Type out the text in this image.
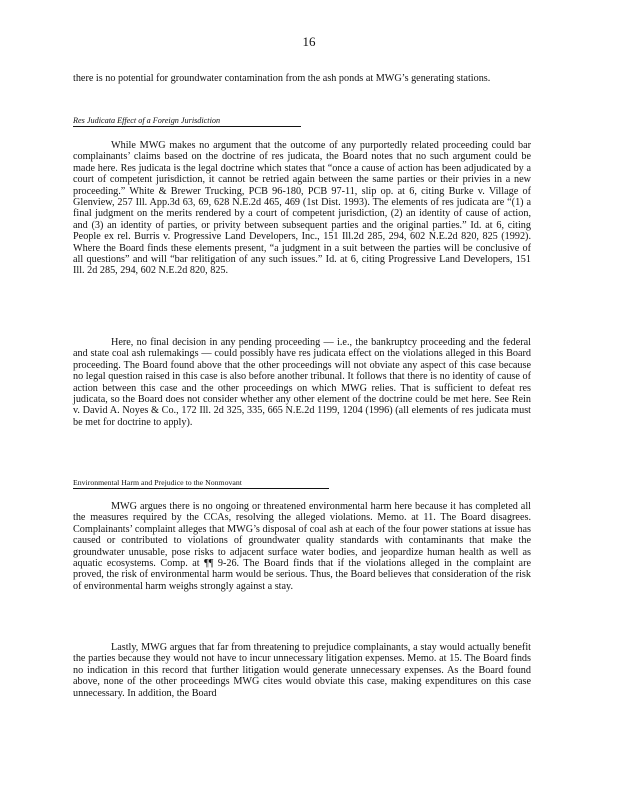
16

there is no potential for groundwater contamination from the ash ponds at MWG’s generating stations.

Res Judicata Effect of a Foreign Jurisdiction

While MWG makes no argument that the outcome of any purportedly related proceeding could bar complainants’ claims based on the doctrine of res judicata, the Board notes that no such argument could be made here. Res judicata is the legal doctrine which states that “once a cause of action has been adjudicated by a court of competent jurisdiction, it cannot be retried again between the same parties or their privies in a new proceeding.” White & Brewer Trucking, PCB 96-180, PCB 97-11, slip op. at 6, citing Burke v. Village of Glenview, 257 Ill. App.3d 63, 69, 628 N.E.2d 465, 469 (1st Dist. 1993). The elements of res judicata are “(1) a final judgment on the merits rendered by a court of competent jurisdiction, (2) an identity of cause of action, and (3) an identity of parties, or privity between subsequent parties and the original parties.” Id. at 6, citing People ex rel. Burris v. Progressive Land Developers, Inc., 151 Ill.2d 285, 294, 602 N.E.2d 820, 825 (1992). Where the Board finds these elements present, “a judgment in a suit between the parties will be conclusive of all questions” and will “bar relitigation of any such issues.” Id. at 6, citing Progressive Land Developers, 151 Ill. 2d 285, 294, 602 N.E.2d 820, 825.

Here, no final decision in any pending proceeding — i.e., the bankruptcy proceeding and the federal and state coal ash rulemakings — could possibly have res judicata effect on the violations alleged in this Board proceeding. The Board found above that the other proceedings will not obviate any aspect of this case because no legal question raised in this case is also before another tribunal. It follows that there is no identity of cause of action between this case and the other proceedings on which MWG relies. That is sufficient to defeat res judicata, so the Board does not consider whether any other element of the doctrine could be met here. See Rein v. David A. Noyes & Co., 172 Ill. 2d 325, 335, 665 N.E.2d 1199, 1204 (1996) (all elements of res judicata must be met for doctrine to apply).

Environmental Harm and Prejudice to the Nonmovant

MWG argues there is no ongoing or threatened environmental harm here because it has completed all the measures required by the CCAs, resolving the alleged violations. Memo. at 11. The Board disagrees. Complainants’ complaint alleges that MWG’s disposal of coal ash at each of the four power stations at issue has caused or contributed to violations of groundwater quality standards with contaminants that make the groundwater unusable, pose risks to adjacent surface water bodies, and jeopardize human health as well as aquatic ecosystems. Comp. at ¶¶ 9-26. The Board finds that if the violations alleged in the complaint are proved, the risk of environmental harm would be serious. Thus, the Board believes that consideration of the risk of environmental harm weighs strongly against a stay.

Lastly, MWG argues that far from threatening to prejudice complainants, a stay would actually benefit the parties because they would not have to incur unnecessary litigation expenses. Memo. at 15. The Board finds no indication in this record that further litigation would generate unnecessary expenses. As the Board found above, none of the other proceedings MWG cites would obviate this case, making expenditures on this case unnecessary. In addition, the Board
